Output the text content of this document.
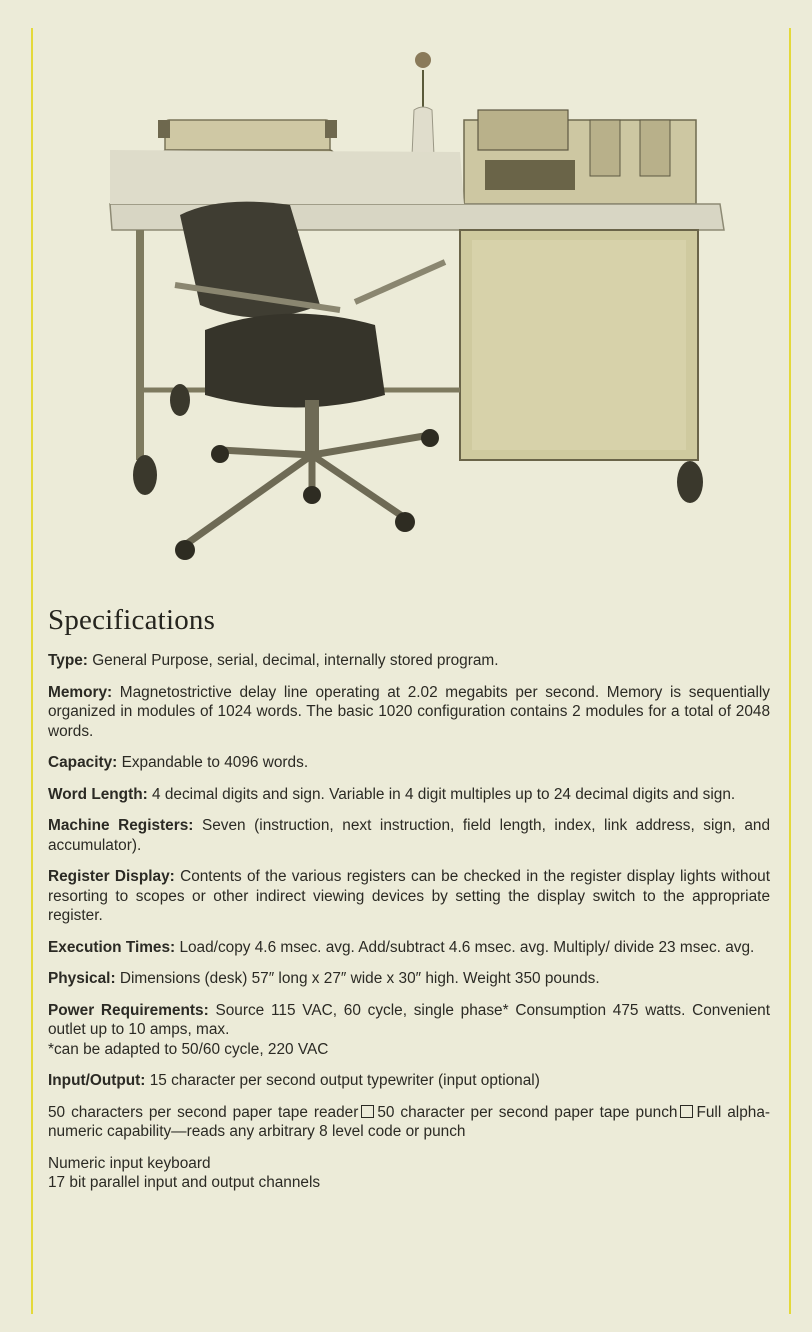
Specifications

Type: General Purpose, serial, decimal, internally stored program.

Memory: Magnetostrictive delay line operating at 2.02 megabits per second. Memory is sequentially organized in modules of 1024 words. The basic 1020 configuration contains 2 modules for a total of 2048 words.

Capacity: Expandable to 4096 words.

Word Length: 4 decimal digits and sign. Variable in 4 digit multiples up to 24 decimal digits and sign.

Machine Registers: Seven (instruction, next instruction, field length, index, link address, sign, and accumulator).

Register Display: Contents of the various registers can be checked in the register display lights without resorting to scopes or other indirect viewing devices by setting the display switch to the appropriate register.

Execution Times: Load/copy 4.6 msec. avg. Add/subtract 4.6 msec. avg. Multiply/ divide 23 msec. avg.

Physical: Dimensions (desk) 57″ long x 27″ wide x 30″ high. Weight 350 pounds.

Power Requirements: Source 115 VAC, 60 cycle, single phase* Consumption 475 watts. Convenient outlet up to 10 amps, max.
*can be adapted to 50/60 cycle, 220 VAC

Input/Output: 15 character per second output typewriter (input optional)

50 characters per second paper tape reader 50 character per second paper tape punch Full alpha-numeric capability—reads any arbitrary 8 level code or punch

Numeric input keyboard

17 bit parallel input and output channels
